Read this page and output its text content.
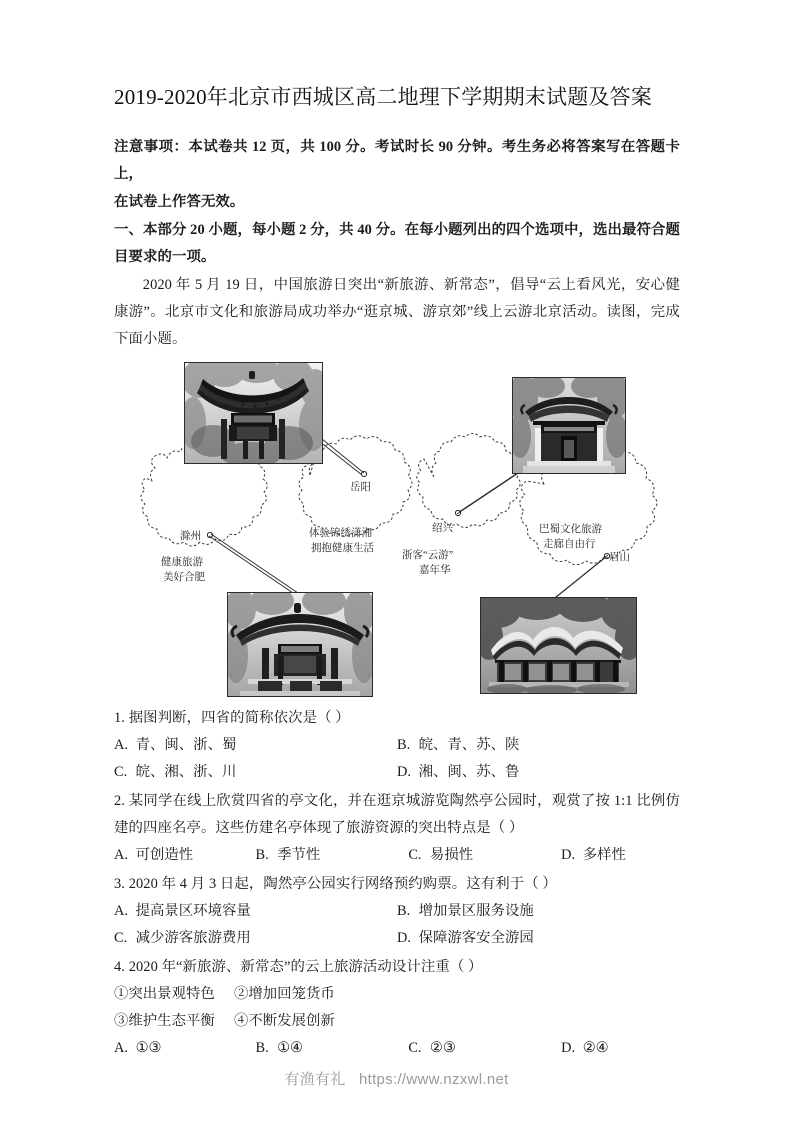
2019-2020年北京市西城区高二地理下学期期末试题及答案

注意事项：本试卷共 12 页，共 100 分。考试时长 90 分钟。考生务必将答案写在答题卡上，

在试卷上作答无效。

一、本部分 20 小题，每小题 2 分，共 40 分。在每小题列出的四个选项中，选出最符合题目要求的一项。

2020 年 5 月 19 日，中国旅游日突出“新旅游、新常态”，倡导“云上看风光，安心健康游”。北京市文化和旅游局成功举办“逛京城、游京郊”线上云游北京活动。读图，完成下面小题。

滁州
岳阳
绍兴
眉山
健康旅游
美好合肥
体验锦绣潇湘
拥抱健康生活
浙客“云游”
嘉年华
巴蜀文化旅游
走廊自由行
1. 据图判断，四省的简称依次是（ ）
A. 青、闽、浙、蜀	B. 皖、青、苏、陕
C. 皖、湘、浙、川	D. 湘、闽、苏、鲁
2. 某同学在线上欣赏四省的亭文化，并在逛京城游览陶然亭公园时，观赏了按 1:1 比例仿建的四座名亭。这些仿建名亭体现了旅游资源的突出特点是（ ）
A. 可创造性	B. 季节性	C. 易损性	D. 多样性
3. 2020 年 4 月 3 日起，陶然亭公园实行网络预约购票。这有利于（ ）
A. 提高景区环境容量	B. 增加景区服务设施
C. 减少游客旅游费用	D. 保障游客安全游园
4. 2020 年“新旅游、新常态”的云上旅游活动设计注重（ ）
①突出景观特色	②增加回笼货币
③维护生态平衡	④不断发展创新
A. ①③	B. ①④	C. ②③	D. ②④
有渔有礼 https://www.nzxwl.net
